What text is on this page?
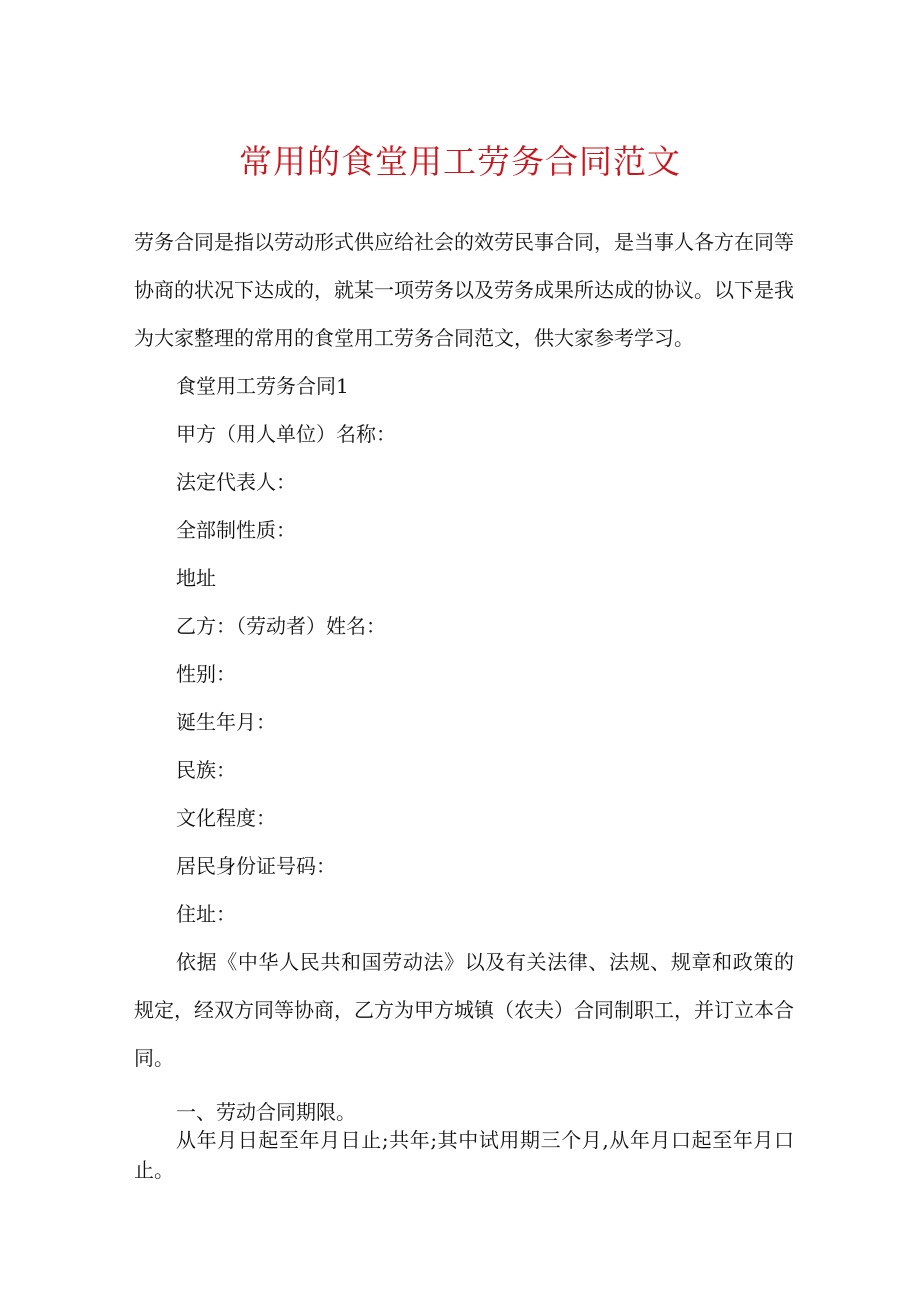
常用的食堂用工劳务合同范文

劳务合同是指以劳动形式供应给社会的效劳民事合同，是当事人各方在同等协商的状况下达成的，就某一项劳务以及劳务成果所达成的协议。以下是我为大家整理的常用的食堂用工劳务合同范文，供大家参考学习。

食堂用工劳务合同1

甲方（用人单位）名称：

法定代表人：

全部制性质：

地址

乙方：（劳动者）姓名：

性别：

诞生年月：

民族：

文化程度：

居民身份证号码：

住址：

依据《中华人民共和国劳动法》以及有关法律、法规、规章和政策的规定，经双方同等协商，乙方为甲方城镇（农夫）合同制职工，并订立本合同。

一、劳动合同期限。

从年月日起至年月日止;共年;其中试用期三个月,从年月口起至年月口止。
